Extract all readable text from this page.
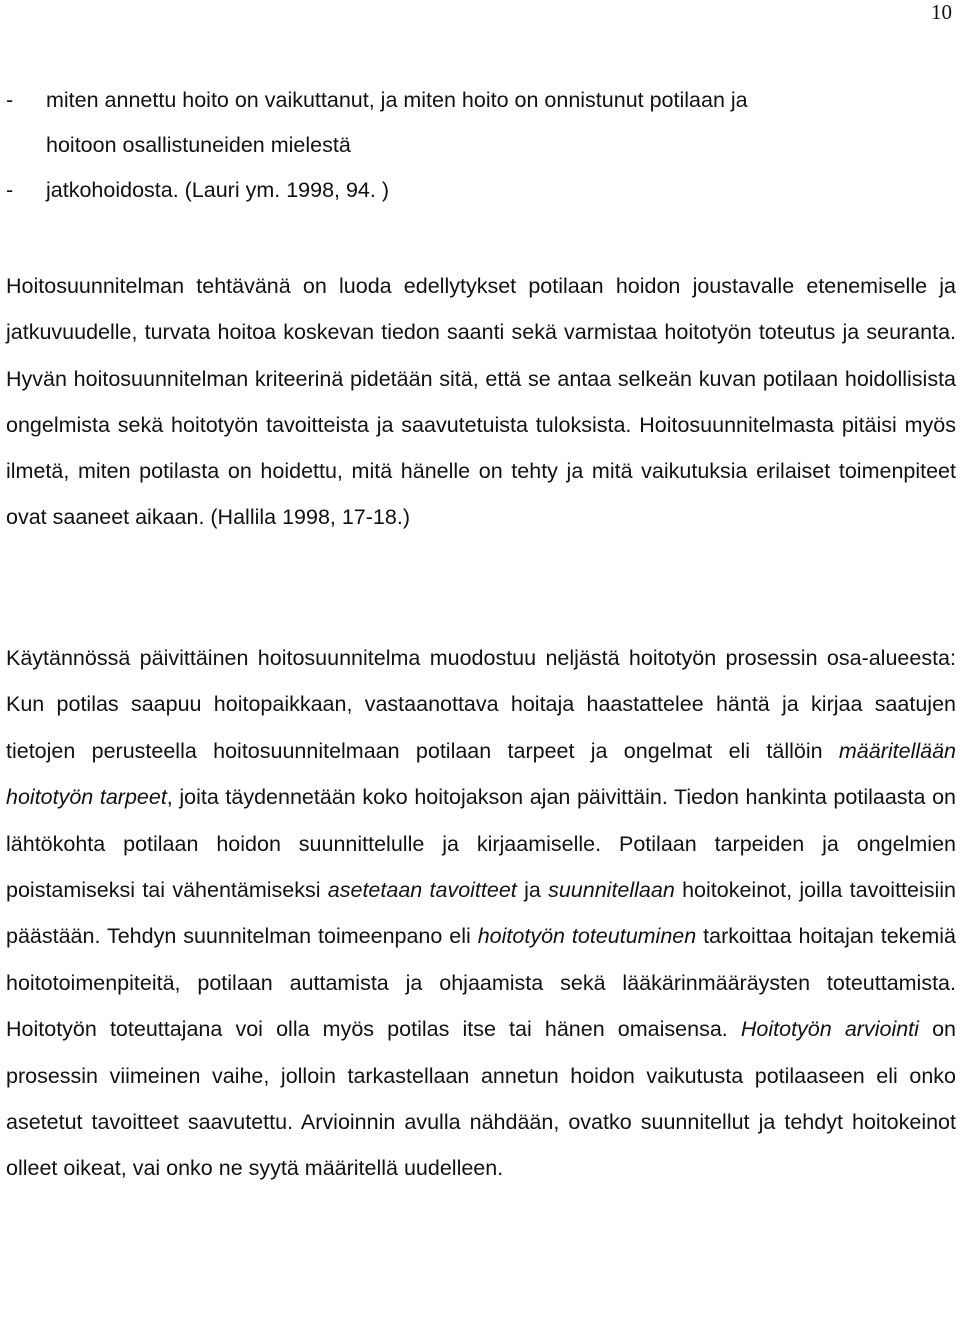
10
- miten annettu hoito on vaikuttanut, ja miten hoito on onnistunut potilaan ja
hoitoon osallistuneiden mielestä
- jatkohoidosta. (Lauri ym. 1998, 94. )

Hoitosuunnitelman tehtävänä on luoda edellytykset potilaan hoidon joustavalle etenemiselle ja jatkuvuudelle, turvata hoitoa koskevan tiedon saanti sekä varmistaa hoitotyön toteutus ja seuranta. Hyvän hoitosuunnitelman kriteerinä pidetään sitä, että se antaa selkeän kuvan potilaan hoidollisista ongelmista sekä hoitotyön tavoitteista ja saavutetuista tuloksista. Hoitosuunnitelmasta pitäisi myös ilmetä, miten potilasta on hoidettu, mitä hänelle on tehty ja mitä vaikutuksia erilaiset toimenpiteet ovat saaneet aikaan. (Hallila 1998, 17-18.)

Käytännössä päivittäinen hoitosuunnitelma muodostuu neljästä hoitotyön prosessin osa-alueesta: Kun potilas saapuu hoitopaikkaan, vastaanottava hoitaja haastattelee häntä ja kirjaa saatujen tietojen perusteella hoitosuunnitelmaan potilaan tarpeet ja ongelmat eli tällöin määritellään hoitotyön tarpeet, joita täydennetään koko hoitojakson ajan päivittäin. Tiedon hankinta potilaasta on lähtökohta potilaan hoidon suunnittelulle ja kirjaamiselle. Potilaan tarpeiden ja ongelmien poistamiseksi tai vähentämiseksi asetetaan tavoitteet ja suunnitellaan hoitokeinot, joilla tavoitteisiin päästään. Tehdyn suunnitelman toimeenpano eli hoitotyön toteutuminen tarkoittaa hoitajan tekemiä hoitotoimenpiteitä, potilaan auttamista ja ohjaamista sekä lääkärinmääräysten toteuttamista. Hoitotyön toteuttajana voi olla myös potilas itse tai hänen omaisensa. Hoitotyön arviointi on prosessin viimeinen vaihe, jolloin tarkastellaan annetun hoidon vaikutusta potilaaseen eli onko asetetut tavoitteet saavutettu. Arvioinnin avulla nähdään, ovatko suunnitellut ja tehdyt hoitokeinot olleet oikeat, vai onko ne syytä määritellä uudelleen.
